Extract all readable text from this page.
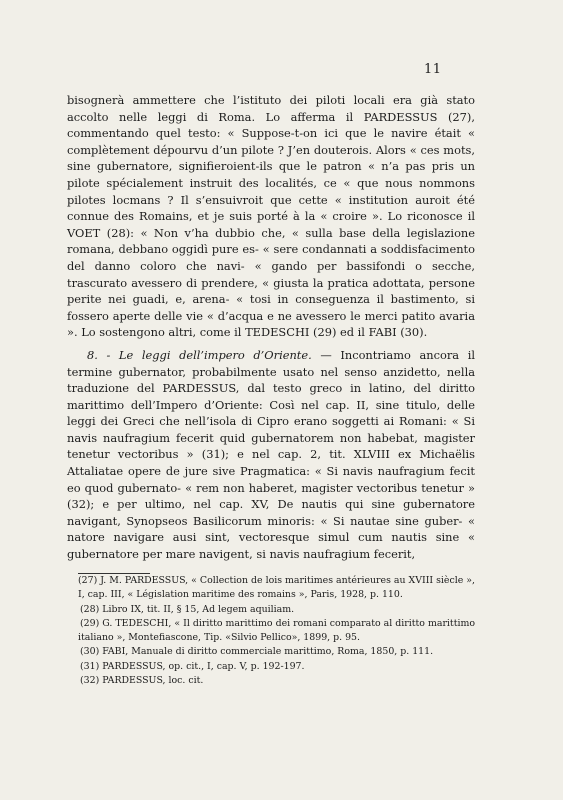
11

bisognerà ammettere che l’istituto dei piloti locali era già stato accolto nelle leggi di Roma. Lo afferma il PARDESSUS (27), commentando quel testo: « Suppose-t-on ici que le navire était « complètement dépourvu d’un pilote ? J’en douterois. Alors « ces mots, sine gubernatore, signifieroient-ils que le patron « n’a pas pris un pilote spécialement instruit des localités, ce « que nous nommons pilotes locmans ? Il s’ensuivroit que cette « institution auroit été connue des Romains, et je suis porté à la « croire ». Lo riconosce il VOET (28): « Non v’ha dubbio che, « sulla base della legislazione romana, debbano oggidì pure es- « sere condannati a soddisfacimento del danno coloro che navi- « gando per bassifondi o secche, trascurato avessero di prendere, « giusta la pratica adottata, persone perite nei guadi, e, arena- « tosi in conseguenza il bastimento, si fossero aperte delle vie « d’acqua e ne avessero le merci patito avaria ». Lo sostengono altri, come il TEDESCHI (29) ed il FABI (30).

8. - Le leggi dell’impero d’Oriente. — Incontriamo ancora il termine gubernator, probabilmente usato nel senso anzidetto, nella traduzione del PARDESSUS, dal testo greco in latino, del diritto marittimo dell’Impero d’Oriente: Così nel cap. II, sine titulo, delle leggi dei Greci che nell’isola di Cipro erano soggetti ai Romani: « Si navis naufragium fecerit quid gubernatorem non habebat, magister tenetur vectoribus » (31); e nel cap. 2, tit. XLVIII ex Michaëlis Attaliatae opere de jure sive Pragmatica: « Si navis naufragium fecit eo quod gubernato- « rem non haberet, magister vectoribus tenetur » (32); e per ultimo, nel cap. XV, De nautis qui sine gubernatore navigant, Synopseos Basilicorum minoris: « Si nautae sine guber- « natore navigare ausi sint, vectoresque simul cum nautis sine « gubernatore per mare navigent, si navis naufragium fecerit,

(27) J. M. PARDESSUS, « Collection de lois maritimes antérieures au XVIII siècle », I, cap. III, « Législation maritime des romains », Paris, 1928, p. 110.

(28) Libro IX, tit. II, § 15, Ad legem aquiliam.

(29) G. TEDESCHI, « Il diritto marittimo dei romani comparato al diritto marittimo italiano », Montefiascone, Tip. «Silvio Pellico», 1899, p. 95.

(30) FABI, Manuale di diritto commerciale marittimo, Roma, 1850, p. 111.

(31) PARDESSUS, op. cit., I, cap. V, p. 192-197.

(32) PARDESSUS, loc. cit.
